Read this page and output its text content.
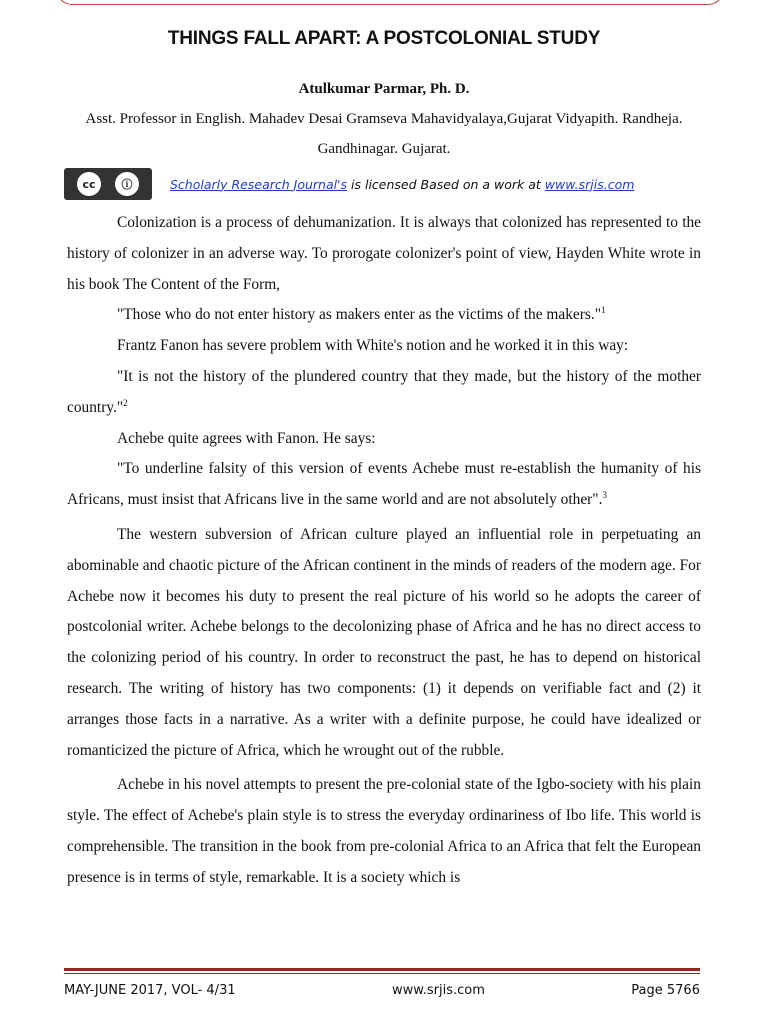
THINGS FALL APART: A POSTCOLONIAL STUDY
Atulkumar Parmar, Ph. D.
Asst. Professor in English. Mahadev Desai Gramseva Mahavidyalaya,Gujarat Vidyapith. Randheja. Gandhinagar. Gujarat.
cc	ⓘ	Scholarly Research Journal's is licensed Based on a work at www.srjis.com

Colonization is a process of dehumanization. It is always that colonized has represented to the history of colonizer in an adverse way. To prorogate colonizer's point of view, Hayden White wrote in his book The Content of the Form,

"Those who do not enter history as makers enter as the victims of the makers."$^1$

Frantz Fanon has severe problem with White's notion and he worked it in this way:

"It is not the history of the plundered country that they made, but the history of the mother country."$^2$

Achebe quite agrees with Fanon. He says:

"To underline falsity of this version of events Achebe must re-establish the humanity of his Africans, must insist that Africans live in the same world and are not absolutely other".$^3$

The western subversion of African culture played an influential role in perpetuating an abominable and chaotic picture of the African continent in the minds of readers of the modern age. For Achebe now it becomes his duty to present the real picture of his world so he adopts the career of postcolonial writer. Achebe belongs to the decolonizing phase of Africa and he has no direct access to the colonizing period of his country. In order to reconstruct the past, he has to depend on historical research. The writing of history has two components: (1) it depends on verifiable fact and (2) it arranges those facts in a narrative. As a writer with a definite purpose, he could have idealized or romanticized the picture of Africa, which he wrought out of the rubble.

Achebe in his novel attempts to present the pre-colonial state of the Igbo-society with his plain style. The effect of Achebe's plain style is to stress the everyday ordinariness of Ibo life. This world is comprehensible. The transition in the book from pre-colonial Africa to an Africa that felt the European presence is in terms of style, remarkable. It is a society which is

MAY-JUNE 2017, VOL- 4/31	www.srjis.com	Page 5766
